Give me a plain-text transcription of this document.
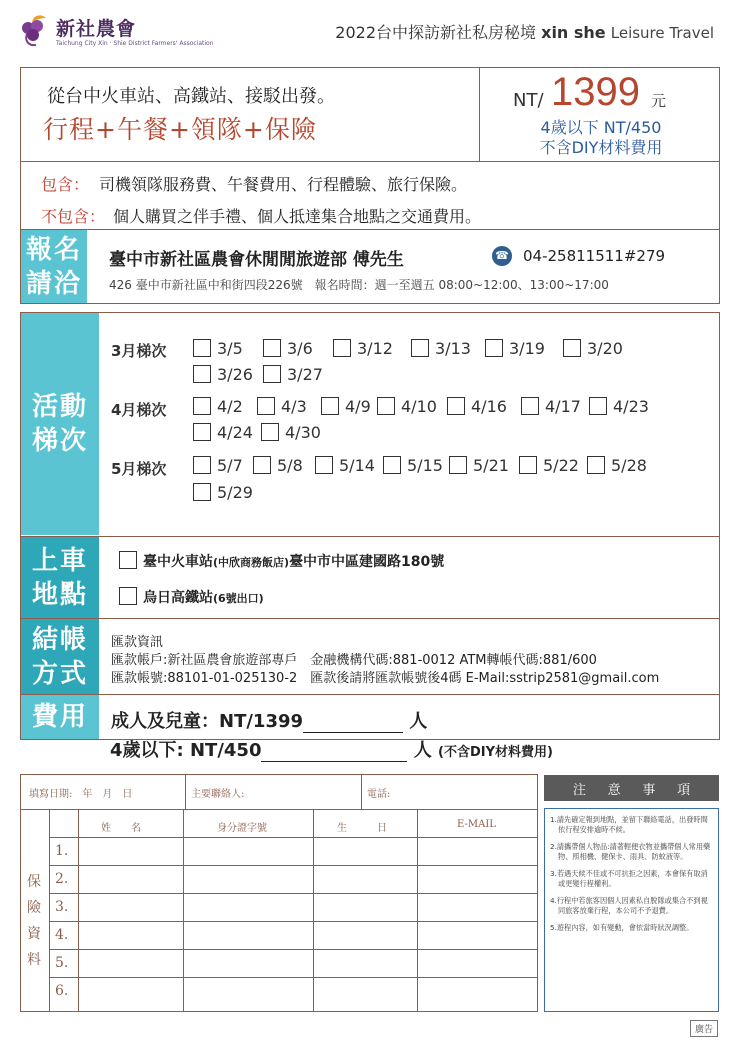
新社農會
Taichung City Xin · Shie District Farmers' Association
2022台中探訪新社私房秘境 xin she Leisure Travel
從台中火車站、高鐵站、接駁出發。
行程+午餐+領隊+保險
NT/ 1399 元
4歲以下 NT/450
不含DIY材料費用
包含： 司機領隊服務費、午餐費用、行程體驗、旅行保險。
不包含： 個人購買之伴手禮、個人抵達集合地點之交通費用。
報名
請洽
臺中市新社區農會休閒閒旅遊部 傅先生	☎ 04-25811511#279
426 臺中市新社區中和街四段226號　報名時間：週一至週五 08:00~12:00、13:00~17:00
活動
梯次
3月梯次	3/5	3/6	3/12	3/13	3/19	3/20
3/26	3/27
4月梯次	4/2	4/3	4/9	4/10	4/16	4/17	4/23
4/24	4/30
5月梯次	5/7	5/8	5/14	5/15	5/21	5/22	5/28
5/29
上車
地點
臺中火車站(中欣商務飯店)臺中市中區建國路180號
烏日高鐵站(6號出口)
結帳
方式
匯款資訊
匯款帳戶:新社區農會旅遊部專戶　金融機構代碼:881-0012 ATM轉帳代碼:881/600
匯款帳號:88101-01-025130-2　匯款後請將匯款帳號後4碼 E-Mail:sstrip2581@gmail.com
費用 成人及兒童：NT/1399	人
4歲以下: NT/450	人 (不含DIY材料費用)
填寫日期:　年　月　日	主要聯絡人:	電話:
姓　　名	身分證字號	生　　　日	E-MAIL
1.
2.
3.
4.
5.
6.
保
險
資
料
注 意 事 項
1.請先確定報到地點，並留下聯絡電話，出發時間依行程安排逾時不候。
2.請攜帶個人物品:請著輕便衣物並攜帶個人常用藥物、照相機、健保卡、雨具、防蚊液等。
3.若遇天候不佳或不可抗拒之因素，本會保有取消或更變行程權利。
4.行程中若旅客因個人因素私自脫隊或集合不到視同旅客放棄行程，本公司不予退費。
5.遊程內容，如有變動，會依當時狀況調整。
廣告
